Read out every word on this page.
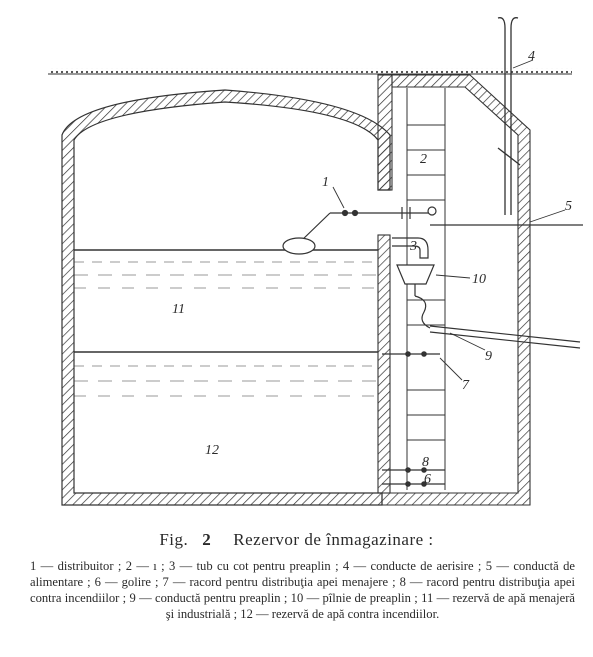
1
2
3
4
5
10
9
7
8
6
11
12
Fig. 2 Rezervor de înmagazinare :
1 — distribuitor ; 2 — ı ; 3 — tub cu cot pentru preaplin ; 4 — conducte de aerisire ; 5 — conductă de alimentare ; 6 — golire ; 7 — racord pentru distribuţia apei menajere ; 8 — racord pentru distribuţia apei contra incendiilor ; 9 — conductă pentru preaplin ; 10 — pîlnie de preaplin ; 11 — rezervă de apă menajeră şi industrială ; 12 — rezervă de apă contra incendiilor.
